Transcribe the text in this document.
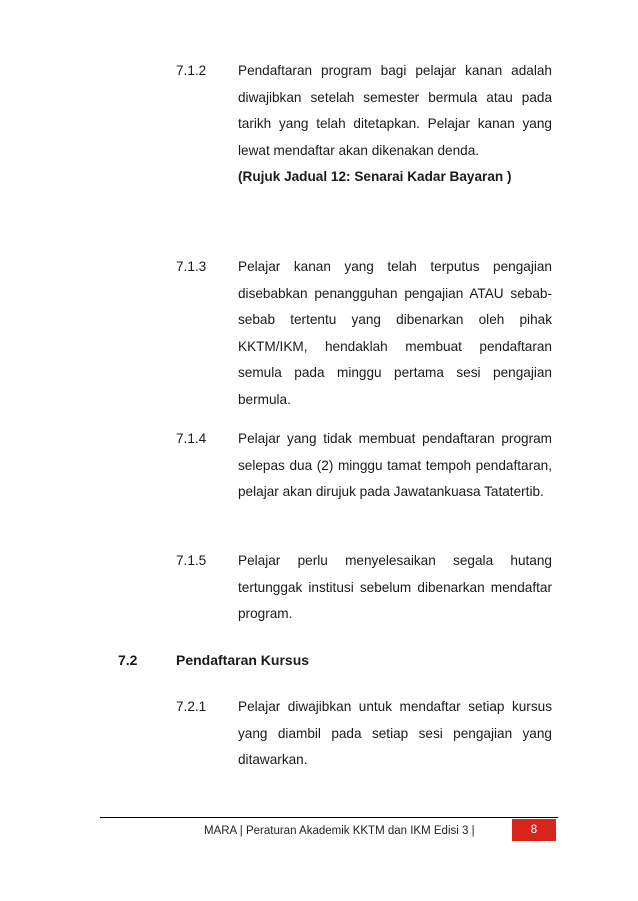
7.1.2	Pendaftaran program bagi pelajar kanan adalah diwajibkan setelah semester bermula atau pada tarikh yang telah ditetapkan. Pelajar kanan yang lewat mendaftar akan dikenakan denda.
(Rujuk Jadual 12: Senarai Kadar Bayaran )
7.1.3	Pelajar kanan yang telah terputus pengajian disebabkan penangguhan pengajian ATAU sebab-sebab tertentu yang dibenarkan oleh pihak KKTM/IKM, hendaklah membuat pendaftaran semula pada minggu pertama sesi pengajian bermula.
7.1.4	Pelajar yang tidak membuat pendaftaran program selepas dua (2) minggu tamat tempoh pendaftaran, pelajar akan dirujuk pada Jawatankuasa Tatatertib.
7.1.5	Pelajar perlu menyelesaikan segala hutang tertunggak institusi sebelum dibenarkan mendaftar program.
7.2	Pendaftaran Kursus
7.2.1	Pelajar diwajibkan untuk mendaftar setiap kursus yang diambil pada setiap sesi pengajian yang ditawarkan.
MARA | Peraturan Akademik KKTM dan IKM Edisi 3 |	8
